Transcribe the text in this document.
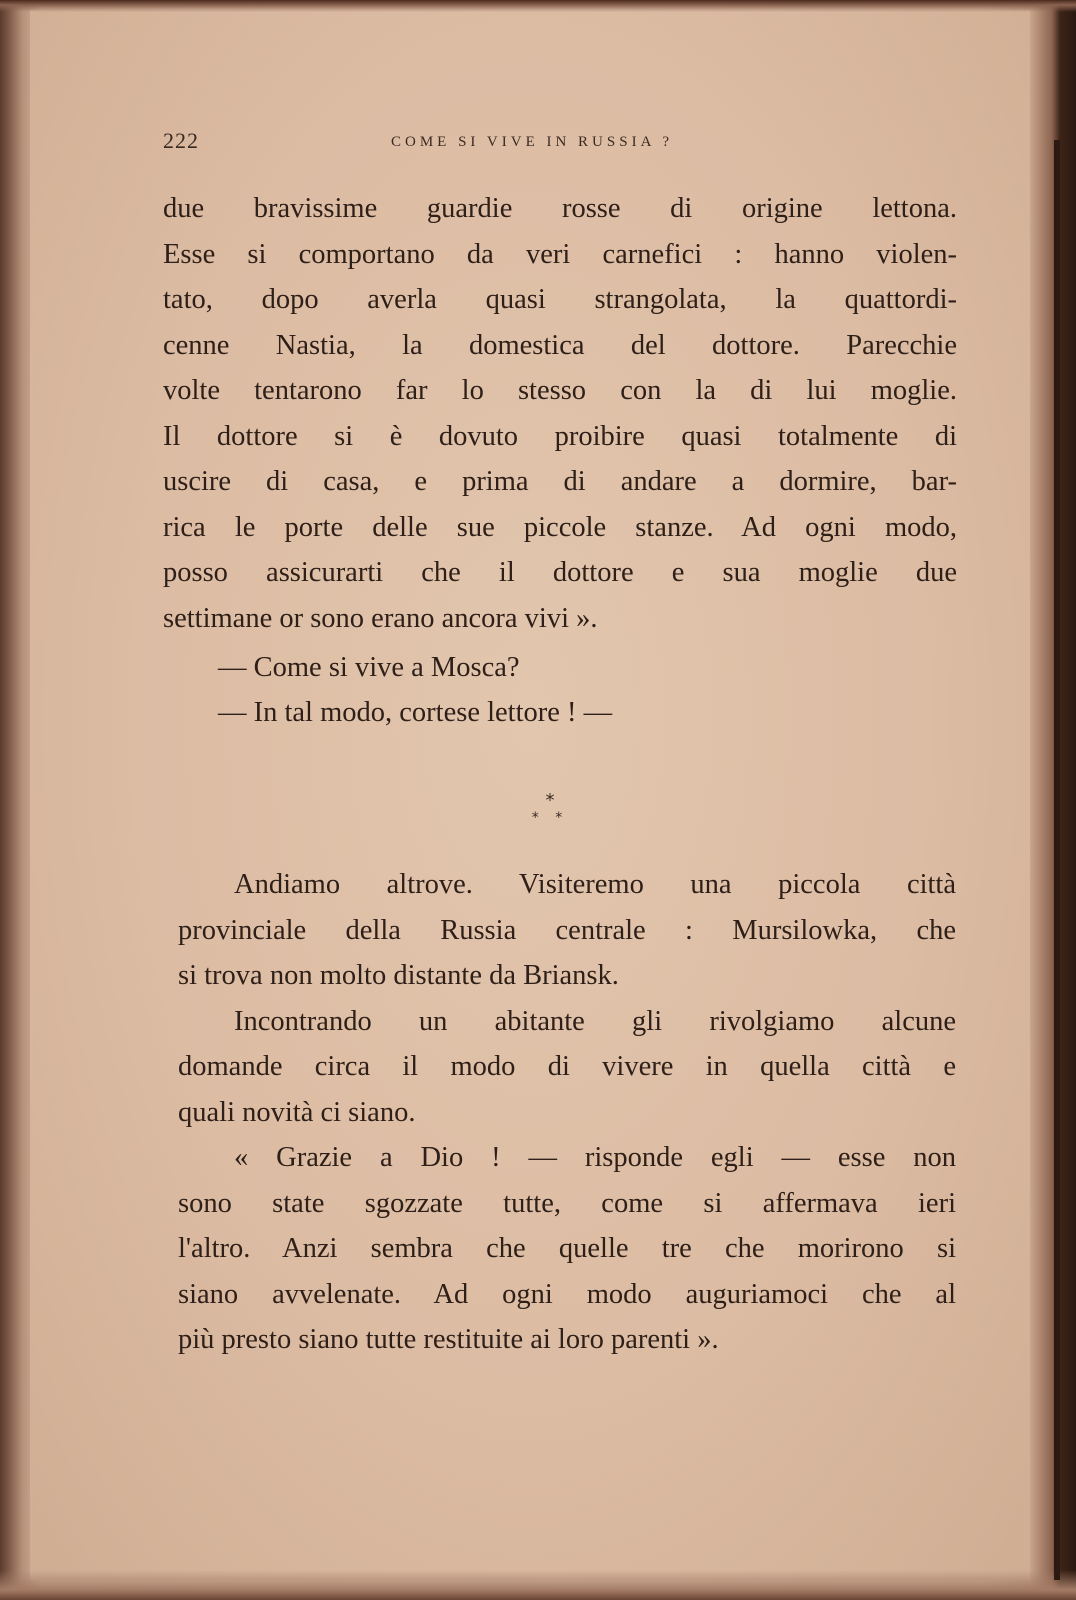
222	COME SI VIVE IN RUSSIA ?

due bravissime guardie rosse di origine lettona.
Esse si comportano da veri carnefici : hanno violen-
tato, dopo averla quasi strangolata, la quattordi-
cenne Nastia, la domestica del dottore. Parecchie
volte tentarono far lo stesso con la di lui moglie.
Il dottore si è dovuto proibire quasi totalmente di
uscire di casa, e prima di andare a dormire, bar-
rica le porte delle sue piccole stanze. Ad ogni modo,
posso assicurarti che il dottore e sua moglie due
settimane or sono erano ancora vivi ».

— Come si vive a Mosca?
— In tal modo, cortese lettore ! —
*
* *
Andiamo altrove. Visiteremo una piccola città
provinciale della Russia centrale : Mursilowka, che
si trova non molto distante da Briansk.
Incontrando un abitante gli rivolgiamo alcune
domande circa il modo di vivere in quella città e
quali novità ci siano.
« Grazie a Dio ! — risponde egli — esse non
sono state sgozzate tutte, come si affermava ieri
l'altro. Anzi sembra che quelle tre che morirono si
siano avvelenate. Ad ogni modo auguriamoci che al
più presto siano tutte restituite ai loro parenti ».
